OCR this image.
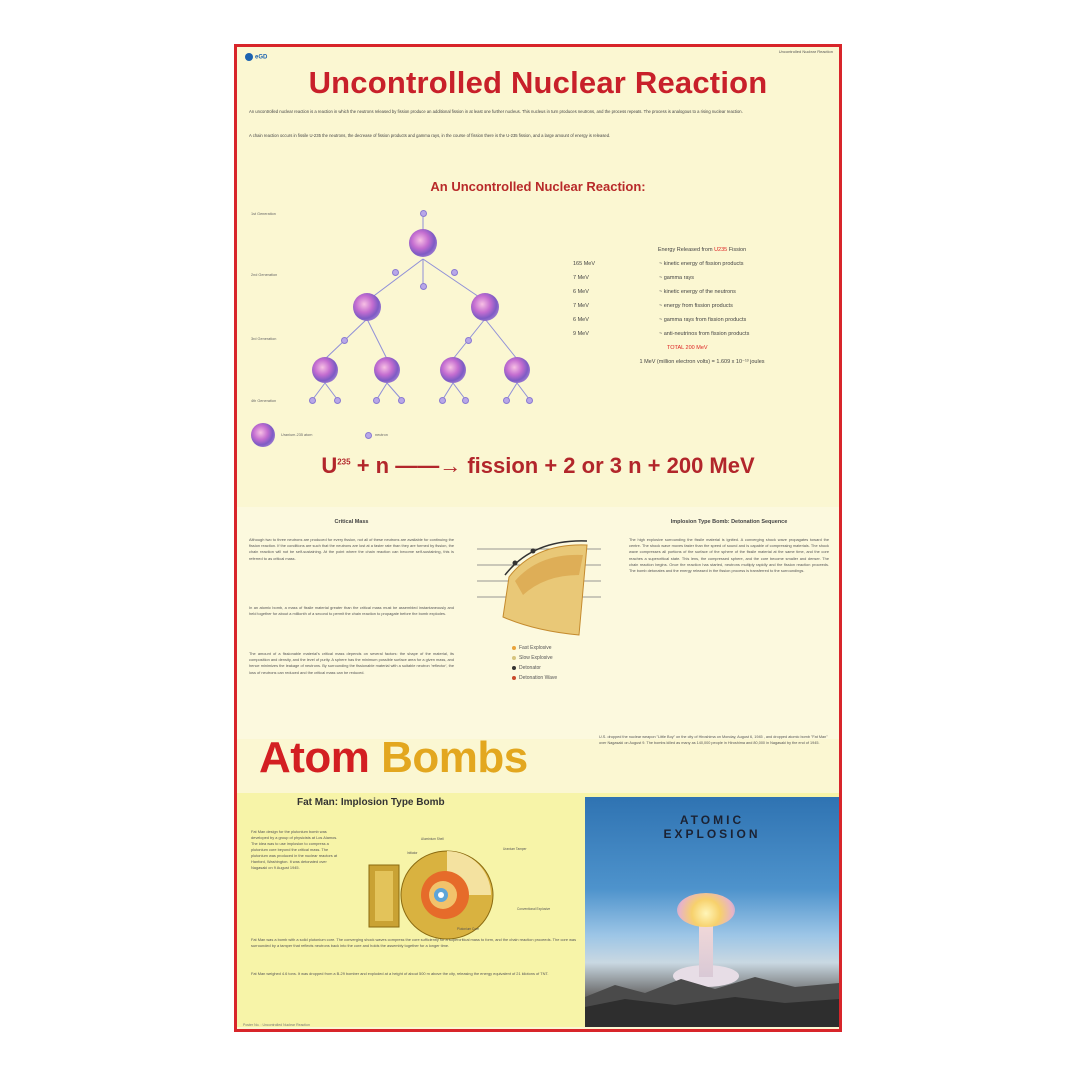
eGD
Uncontrolled Nuclear Reaction
Uncontrolled Nuclear Reaction
An uncontrolled nuclear reaction is a reaction in which the neutrons released by fission produce an additional fission in at least one further nucleus. This nucleus in turn produces neutrons, and the process repeats. The process is analogous to a rising nuclear reaction.
A chain reaction occurs in fissile U-235 the neutrons, the decrease of fission products and gamma rays, in the course of fission there is the U-235 fission, and a large amount of energy is released.
An Uncontrolled Nuclear Reaction:
1st Generation
2nd Generation
3rd Generation
4th Generation
Energy Released from U235 Fission
165 MeV	~ kinetic energy of fission products
7 MeV	~ gamma rays
6 MeV	~ kinetic energy of the neutrons
7 MeV	~ energy from fission products
6 MeV	~ gamma rays from fission products
9 MeV	~ anti-neutrinos from fission products
TOTAL 200 MeV
1 MeV (million electron volts) = 1.609 x 10⁻¹³ joules
Uranium-235 atom	neutron
$U^{235} + n$ ——→ fission + 2 or 3 n + 200 MeV
Critical Mass
Although two to three neutrons are produced for every fission, not all of these neutrons are available for continuing the fission reaction. If the conditions are such that the neutrons are lost at a faster rate than they are formed by fission, the chain reaction will not be self-sustaining. At the point where the chain reaction can become self-sustaining, this is referred to as critical mass.
In an atomic bomb, a mass of fissile material greater than the critical mass must be assembled instantaneously and held together for about a millionth of a second to permit the chain reaction to propagate before the bomb explodes.
The amount of a fissionable material's critical mass depends on several factors: the shape of the material, its composition and density, and the level of purity. A sphere has the minimum possible surface area for a given mass, and hence minimizes the leakage of neutrons. By surrounding the fissionable material with a suitable neutron 'reflector', the loss of neutrons can reduced and the critical mass can be reduced.
Fast Explosive
Slow Explosive
Detonator
Detonation Wave
Implosion Type Bomb: Detonation Sequence
The high explosive surrounding the fissile material is ignited. A converging shock wave propagates toward the centre. The shock wave moves faster than the speed of sound and is capable of compressing materials. The shock wave compresses all portions of the surface of the sphere of the fissile material at the same time, and the core reaches a supercritical state. This lens, the compressed sphere, and the core become smaller and denser. The chain reaction begins. Once the reaction has started, neutrons multiply rapidly and the fission reaction proceeds. The bomb detonates and the energy released in the fission process is transferred to the surroundings.
Atom Bombs	U.S. dropped the nuclear weapon "Little Boy" on the city of Hiroshima on Monday, August 6, 1945 , and dropped atomic bomb "Fat Man" over Nagasaki on August 9. The bombs killed as many as 140,000 people in Hiroshima and 80,000 in Nagasaki by the end of 1945.
Fat Man: Implosion Type Bomb
Fat Man design for the plutonium bomb was developed by a group of physicists at Los Alamos. The idea was to use implosion to compress a plutonium core beyond the critical mass. The plutonium was produced in the nuclear reactors at Hanford, Washington. It was detonated over Nagasaki on 9 August 1945.
Aluminium Shell
Initiator
Uranium Tamper
Conventional Explosive
Plutonium Core
Fat Man was a bomb with a solid plutonium core. The converging shock waves compress the core sufficiently for a supercritical mass to form, and the chain reaction proceeds. The core was surrounded by a tamper that reflects neutrons back into the core and holds the assembly together for a longer time.
Fat Man weighed 4.6 tons. It was dropped from a B-29 bomber and exploded at a height of about 500 m above the city, releasing the energy equivalent of 21 kilotons of TNT.
ATOMIC
EXPLOSION
Poster No. : Uncontrolled Nuclear Reaction
